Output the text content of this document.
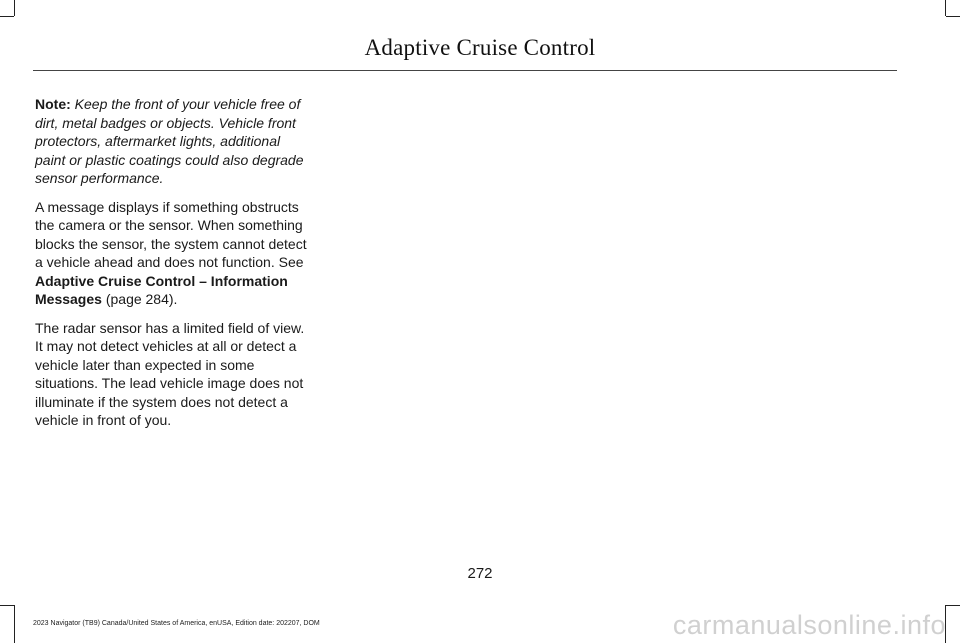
Adaptive Cruise Control

Note: Keep the front of your vehicle free of dirt, metal badges or objects. Vehicle front protectors, aftermarket lights, additional paint or plastic coatings could also degrade sensor performance.

A message displays if something obstructs the camera or the sensor. When something blocks the sensor, the system cannot detect a vehicle ahead and does not function. See Adaptive Cruise Control – Information Messages (page 284).

The radar sensor has a limited field of view. It may not detect vehicles at all or detect a vehicle later than expected in some situations. The lead vehicle image does not illuminate if the system does not detect a vehicle in front of you.

272
2023 Navigator (TB9) Canada/United States of America, enUSA, Edition date: 202207, DOM	carmanualsonline.info
